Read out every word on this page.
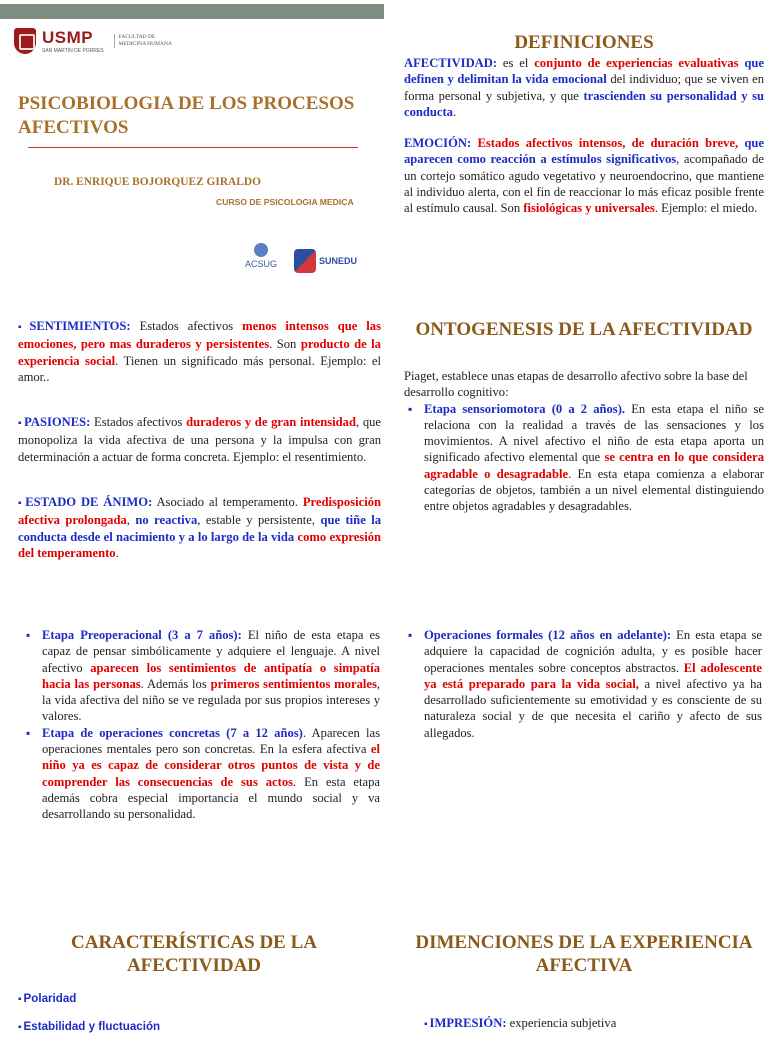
USMP
SAN MARTÍN DE PORRES
FACULTAD DE
MEDICINA HUMANA
PSICOBIOLOGIA DE LOS PROCESOS AFECTIVOS
DR. ENRIQUE BOJORQUEZ GIRALDO
CURSO DE PSICOLOGIA MEDICA
ACSUG	SUNEDU
DEFINICIONES

AFECTIVIDAD: es el conjunto de experiencias evaluativas que definen y delimitan la vida emocional del individuo; que se viven en forma personal y subjetiva, y que trascienden su personalidad y su conducta.

EMOCIÓN: Estados afectivos intensos, de duración breve, que aparecen como reacción a estímulos significativos, acompañado de un cortejo somático agudo vegetativo y neuroendocrino, que mantiene al individuo alerta, con el fin de reaccionar lo más eficaz posible frente al estímulo causal. Son fisiológicas y universales. Ejemplo: el miedo.

▪ SENTIMIENTOS: Estados afectivos menos intensos que las emociones, pero mas duraderos y persistentes. Son producto de la experiencia social. Tienen un significado más personal. Ejemplo: el amor..

▪ PASIONES: Estados afectivos duraderos y de gran intensidad, que monopoliza la vida afectiva de una persona y la impulsa con gran determinación a actuar de forma concreta. Ejemplo: el resentimiento.

▪ ESTADO DE ÁNIMO: Asociado al temperamento. Predisposición afectiva prolongada, no reactiva, estable y persistente, que tiñe la conducta desde el nacimiento y a lo largo de la vida como expresión del temperamento.

ONTOGENESIS DE LA AFECTIVIDAD

Piaget, establece unas etapas de desarrollo afectivo sobre la base del desarrollo cognitivo:

▪ Etapa sensoriomotora (0 a 2 años). En esta etapa el niño se relaciona con la realidad a través de las sensaciones y los movimientos. A nivel afectivo el niño de esta etapa aporta un significado afectivo elemental que se centra en lo que considera agradable o desagradable. En esta etapa comienza a elaborar categorías de objetos, también a un nivel elemental distinguiendo entre objetos agradables y desagradables.
▪ Etapa Preoperacional (3 a 7 años): El niño de esta etapa es capaz de pensar simbólicamente y adquiere el lenguaje. A nivel afectivo aparecen los sentimientos de antipatía o simpatía hacia las personas. Además los primeros sentimientos morales, la vida afectiva del niño se ve regulada por sus propios intereses y valores.
▪ Etapa de operaciones concretas (7 a 12 años). Aparecen las operaciones mentales pero son concretas. En la esfera afectiva el niño ya es capaz de considerar otros puntos de vista y de comprender las consecuencias de sus actos. En esta etapa además cobra especial importancia el mundo social y va desarrollando su personalidad.
▪ Operaciones formales (12 años en adelante): En esta etapa se adquiere la capacidad de cognición adulta, y es posible hacer operaciones mentales sobre conceptos abstractos. El adolescente ya está preparado para la vida social, a nivel afectivo ya ha desarrollado suficientemente su emotividad y es consciente de su naturaleza social y de que necesita el cariño y afecto de sus allegados.
CARACTERÍSTICAS DE LA AFECTIVIDAD
▪ Polaridad
▪ Estabilidad y fluctuación
DIMENCIONES DE LA EXPERIENCIA AFECTIVA
▪ IMPRESIÓN: experiencia subjetiva
